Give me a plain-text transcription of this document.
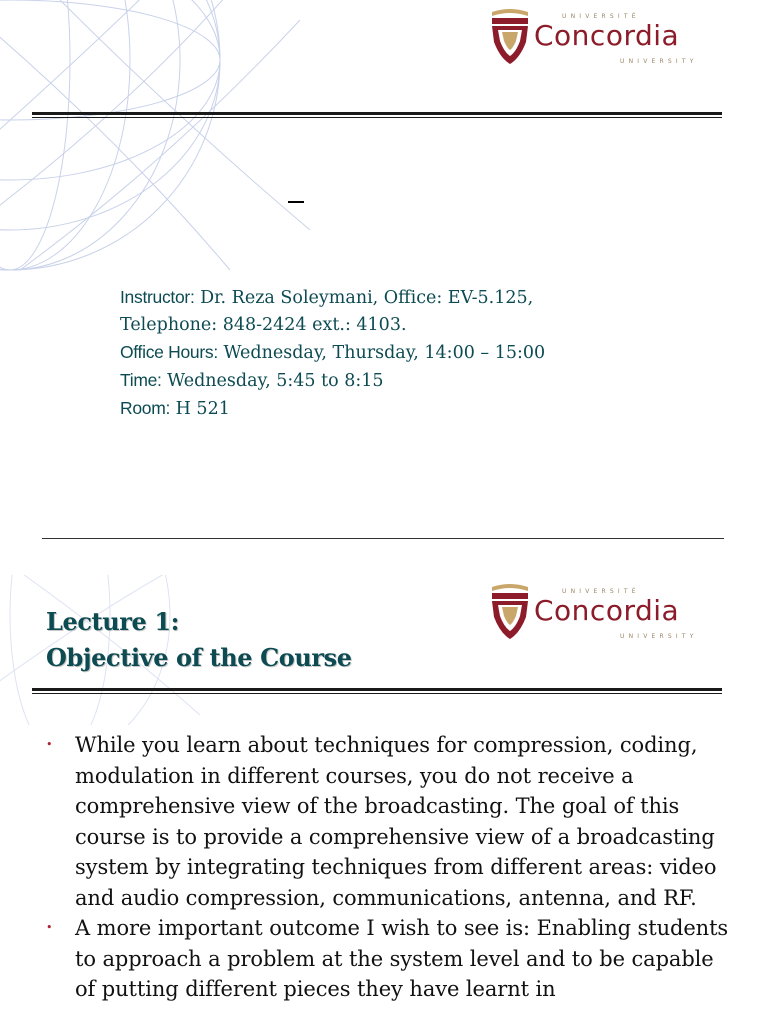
UNIVERSITÉ
Concordia
UNIVERSITY
Instructor: Dr. Reza Soleymani, Office: EV-5.125,
Telephone: 848-2424 ext.: 4103.
Office Hours: Wednesday, Thursday, 14:00 – 15:00
Time: Wednesday, 5:45 to 8:15
Room: H 521
UNIVERSITÉ
Concordia
UNIVERSITY
Lecture 1:
Objective of the Course
• While you learn about techniques for compression, coding, modulation in different courses, you do not receive a comprehensive view of the broadcasting. The goal of this course is to provide a comprehensive view of a broadcasting system by integrating techniques from different areas: video and audio compression, communications, antenna, and RF.
• A more important outcome I wish to see is: Enabling students to approach a problem at the system level and to be capable of putting different pieces they have learnt in
